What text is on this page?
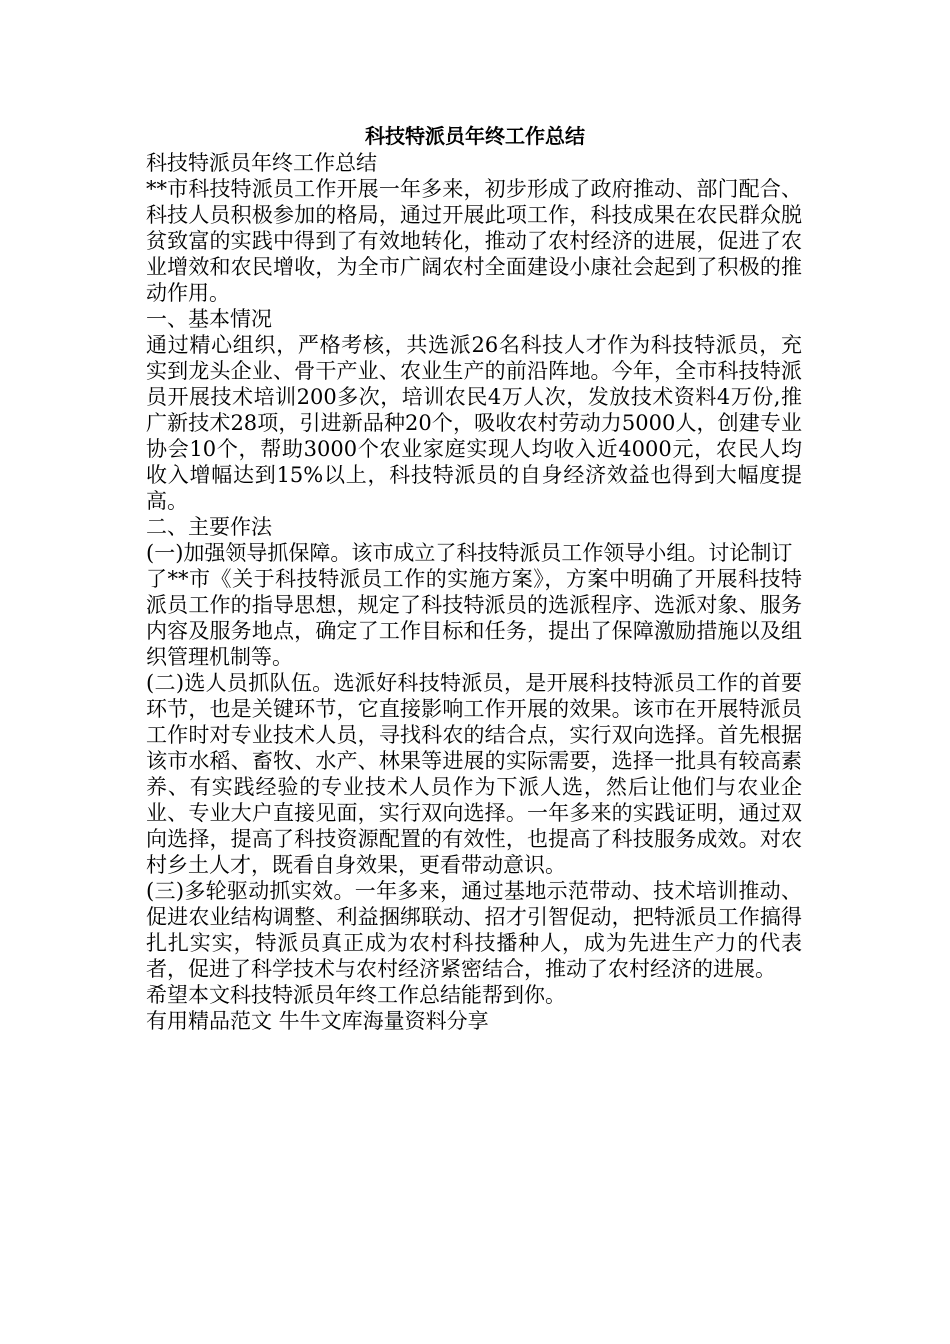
科技特派员年终工作总结

科技特派员年终工作总结

**市科技特派员工作开展一年多来，初步形成了政府推动、部门配合、科技人员积极参加的格局，通过开展此项工作，科技成果在农民群众脱贫致富的实践中得到了有效地转化，推动了农村经济的进展，促进了农业增效和农民增收，为全市广阔农村全面建设小康社会起到了积极的推动作用。

一、基本情况

通过精心组织，严格考核，共选派26名科技人才作为科技特派员，充实到龙头企业、骨干产业、农业生产的前沿阵地。今年，全市科技特派员开展技术培训200多次，培训农民4万人次，发放技术资料4万份,推广新技术28项，引进新品种20个，吸收农村劳动力5000人，创建专业协会10个，帮助3000个农业家庭实现人均收入近4000元，农民人均收入增幅达到15%以上，科技特派员的自身经济效益也得到大幅度提高。

二、主要作法

(一)加强领导抓保障。该市成立了科技特派员工作领导小组。讨论制订

了**市《关于科技特派员工作的实施方案》，方案中明确了开展科技特派员工作的指导思想，规定了科技特派员的选派程序、选派对象、服务内容及服务地点，确定了工作目标和任务，提出了保障激励措施以及组织管理机制等。

(二)选人员抓队伍。选派好科技特派员，是开展科技特派员工作的首要环节，也是关键环节，它直接影响工作开展的效果。该市在开展特派员工作时对专业技术人员，寻找科农的结合点，实行双向选择。首先根据该市水稻、畜牧、水产、林果等进展的实际需要，选择一批具有较高素养、有实践经验的专业技术人员作为下派人选，然后让他们与农业企业、专业大户直接见面，实行双向选择。一年多来的实践证明，通过双向选择，提高了科技资源配置的有效性，也提高了科技服务成效。对农村乡土人才，既看自身效果，更看带动意识。

(三)多轮驱动抓实效。一年多来，通过基地示范带动、技术培训推动、促进农业结构调整、利益捆绑联动、招才引智促动，把特派员工作搞得扎扎实实，特派员真正成为农村科技播种人，成为先进生产力的代表者，促进了科学技术与农村经济紧密结合，推动了农村经济的进展。

希望本文科技特派员年终工作总结能帮到你。

有用精品范文 牛牛文库海量资料分享
